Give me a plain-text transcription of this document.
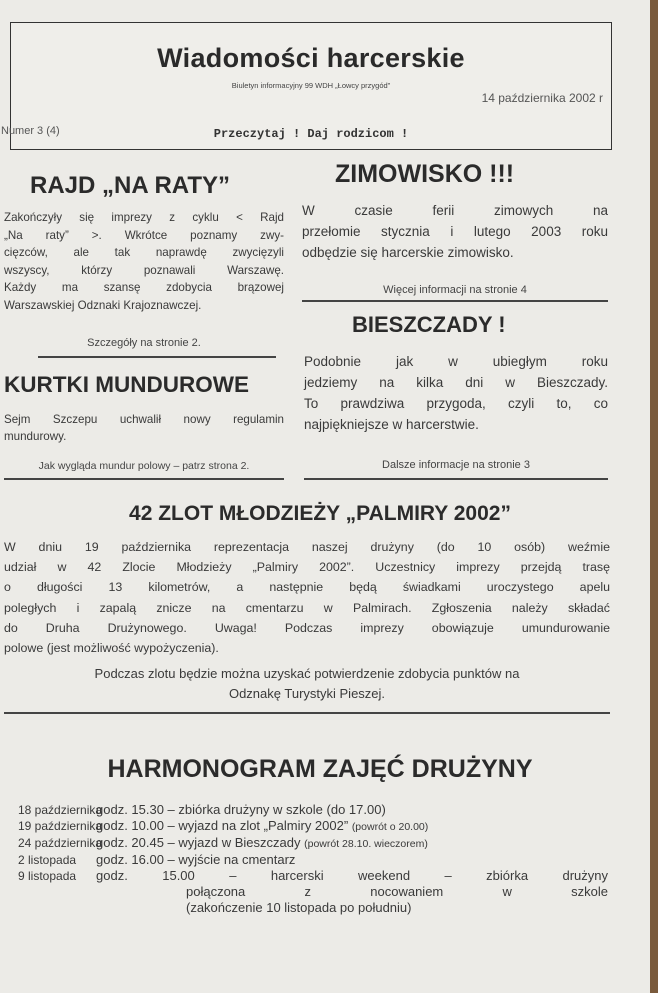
Wiadomości harcerskie
Biuletyn informacyjny 99 WDH „Łowcy przygód”
14 października 2002 r
Numer 3 (4)	Przeczytaj ! Daj rodzicom !
RAJD „NA RATY”
Zakończyły się imprezy z cyklu < Rajd
„Na raty” >. Wkrótce poznamy zwy-
cięzców, ale tak naprawdę zwycięzyli
wszyscy, którzy poznawali Warszawę.
Każdy ma szansę zdobycia brązowej
Warszawskiej Odznaki Krajoznawczej.
Szczegóły na stronie 2.
KURTKI MUNDUROWE
Sejm Szczepu uchwalił nowy regulamin
mundurowy.
Jak wygląda mundur polowy – patrz strona 2.
ZIMOWISKO !!!
W czasie ferii zimowych na
przełomie stycznia i lutego 2003 roku
odbędzie się harcerskie zimowisko.
Więcej informacji na stronie 4
BIESZCZADY !
Podobnie jak w ubiegłym roku
jedziemy na kilka dni w Bieszczady.
To prawdziwa przygoda, czyli to, co
najpiękniejsze w harcerstwie.
Dalsze informacje na stronie 3
42 ZLOT MŁODZIEŻY „PALMIRY 2002”
W dniu 19 października reprezentacja naszej drużyny (do 10 osób) weźmie
udział w 42 Zlocie Młodzieży „Palmiry 2002”. Uczestnicy imprezy przejdą trasę
o długości 13 kilometrów, a następnie będą świadkami uroczystego apelu
poległych i zapalą znicze na cmentarzu w Palmirach. Zgłoszenia należy składać
do Druha Drużynowego. Uwaga! Podczas imprezy obowiązuje umundurowanie
polowe (jest możliwość wypożyczenia).
Podczas zlotu będzie można uzyskać potwierdzenie zdobycia punktów na
Odznakę Turystyki Pieszej.
HARMONOGRAM ZAJĘĆ DRUŻYNY
18 października
godz. 15.30 – zbiórka drużyny w szkole (do 17.00)
19 października
godz. 10.00 – wyjazd na zlot „Palmiry 2002” (powrót o 20.00)
24 października
godz. 20.45 – wyjazd w Bieszczady (powrót 28.10. wieczorem)
2 listopada	godz. 16.00 – wyjście na cmentarz
9 listopada	godz. 15.00 – harcerski weekend – zbiórka drużyny
połączona z nocowaniem w szkole
(zakończenie 10 listopada po południu)
